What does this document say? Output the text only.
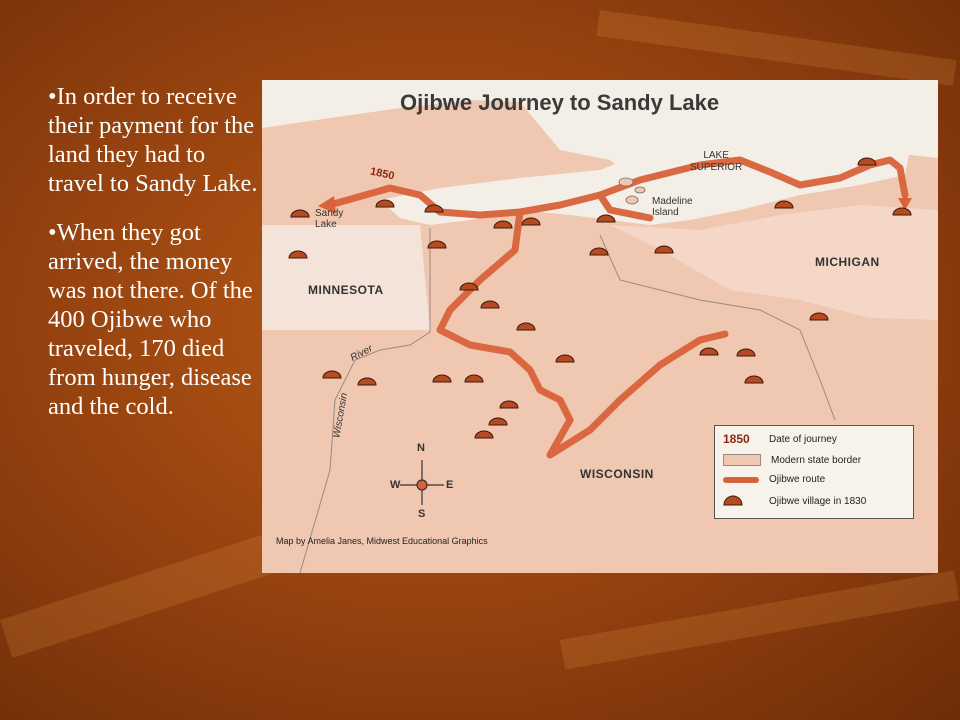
•In order to receive their payment for the land they had to travel to Sandy Lake.

•When they got arrived, the money was not there. Of the 400 Ojibwe who traveled, 170 died from hunger, disease and the cold.

Ojibwe Journey to Sandy Lake
Sandy
Lake
1850
LAKE
SUPERIOR
Madeline
Island
MINNESOTA
MICHIGAN
WISCONSIN
River
Wisconsin
N
S
W	E
1850	Date of journey
Modern state border
Ojibwe route
Ojibwe village in 1830
Map by Amelia Janes, Midwest Educational Graphics
